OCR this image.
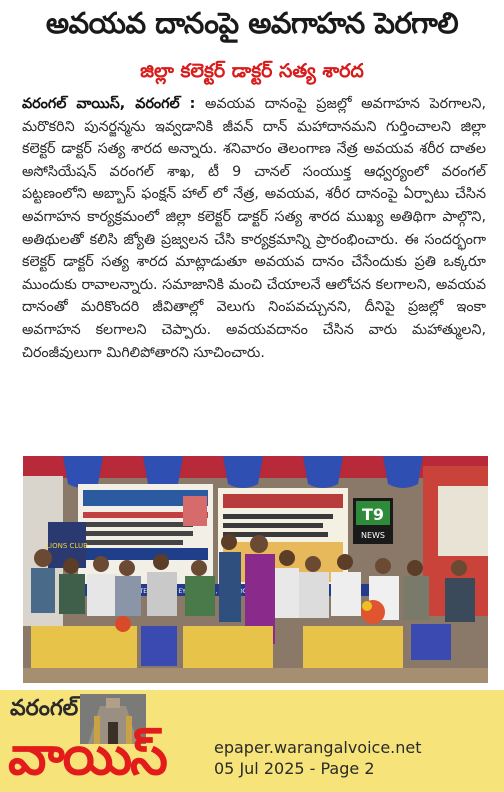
అవయవ దానంపై అవగాహన పెరగాలి
జిల్లా కలెక్టర్ డాక్టర్ సత్య శారద
వరంగల్ వాయిస్, వరంగల్ : అవయవ దానంపై ప్రజల్లో అవగాహన పెరగాలని, మరొకరిని పునర్జన్మను ఇవ్వడానికి జీవన్ దాన్ మహాదానమని గుర్తించాలని జిల్లా కలెక్టర్ డాక్టర్ సత్య శారద అన్నారు. శనివారం తెలంగాణ నేత్ర అవయవ శరీర దాతల అసోసియేషన్ వరంగల్ శాఖ, టీ 9 చానల్ సంయుక్త ఆధ్వర్యంలో వరంగల్ పట్టణంలోని అబ్బాస్ ఫంక్షన్ హాల్ లో నేత్ర, అవయవ, శరీర దానంపై ఏర్పాటు చేసిన అవగాహన కార్యక్రమంలో జిల్లా కలెక్టర్ డాక్టర్ సత్య శారద ముఖ్య అతిథిగా పాల్గొని, అతిథులతో కలిసి జ్యోతి ప్రజ్వలన చేసి కార్యక్రమాన్ని ప్రారంభించారు. ఈ సందర్భంగా కలెక్టర్ డాక్టర్ సత్య శారద మాట్లాడుతూ అవయవ దానం చేసేందుకు ప్రతి ఒక్కరూ ముందుకు రావాలన్నారు. సమాజానికి మంచి చేయాలనే ఆలోచన కలగాలని, అవయవ దానంతో మరికొందరి జీవితాల్లో వెలుగు నింపవచ్చునని, దీనిపై ప్రజల్లో ఇంకా అవగాహన కలగాలని చెప్పారు. అవయవదానం చేసిన వారు మహాత్ములని, చిరంజీవులుగా మిగిలిపోతారని సూచించారు.
LIONS CLUB
T9
NEWS
EYE,
వరంగల్
వాయిస్	epaper.warangalvoice.net
05 Jul 2025 - Page 2
